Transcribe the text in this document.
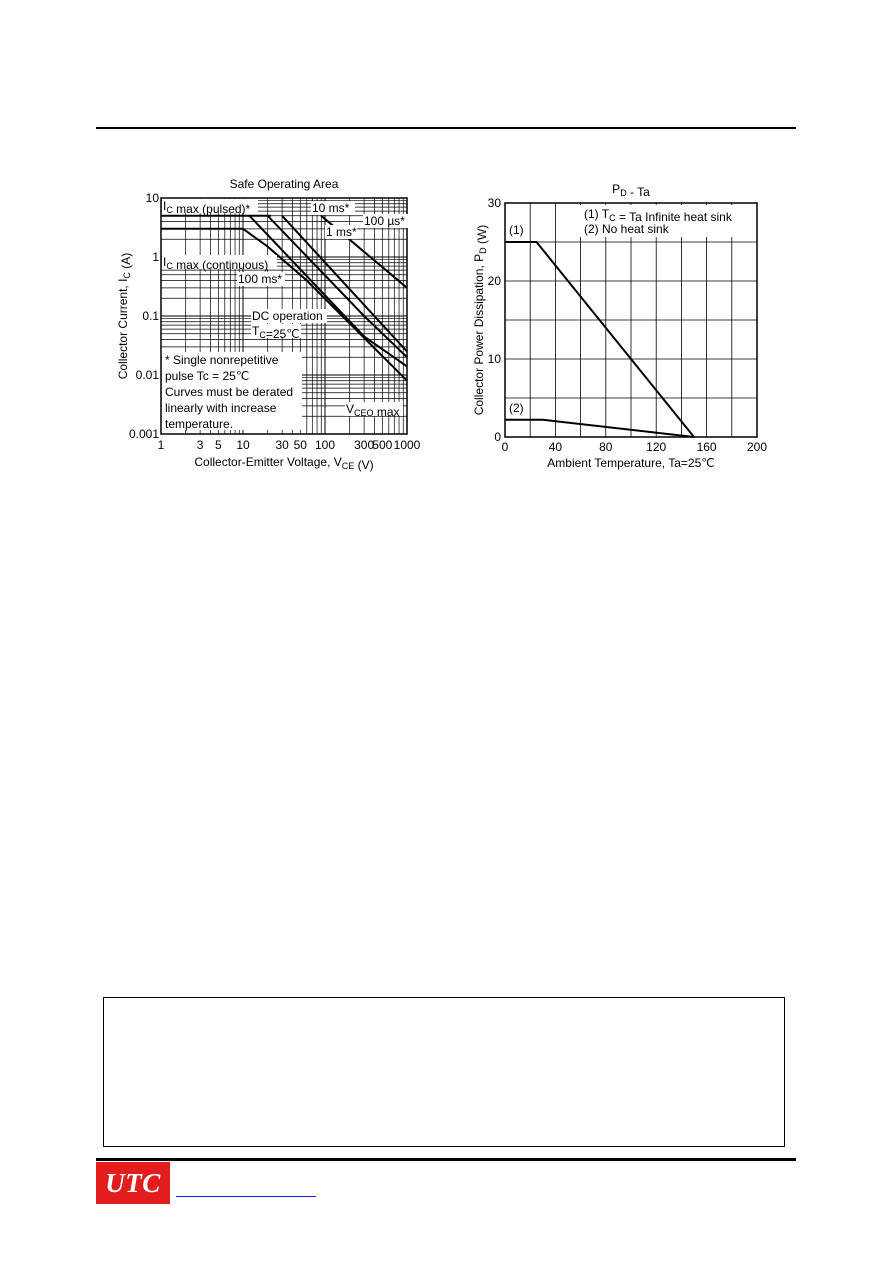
1	3 5 10 30 50 100 300
500 1000
10
1
0.1
0.01
0.001
$I_C$ max (pulsed)*
$I_C$ max (continuous)
10 ms*
100 µs*
1 ms*
100 ms*
DC operation
$T_C=25℃$
* Single nonrepetitive
pulse Tc = 25℃
Curves must be derated
linearly with increase
temperature.
$V_{CEO}$ max
Safe Operating Area
Collector-Emitter Voltage, $V_{CE}$ (V)
Collector Current, $I_C$ (A)
0	40	80	120	160	200
0
10
20
30
(1)
(2)
(1) $T_C = Ta$ Infinite heat sink
(2) No heat sink
$P_D$ - Ta
Ambient Temperature, Ta=25℃
Collector Power Dissipation, $P_D$ (W)
UTC
